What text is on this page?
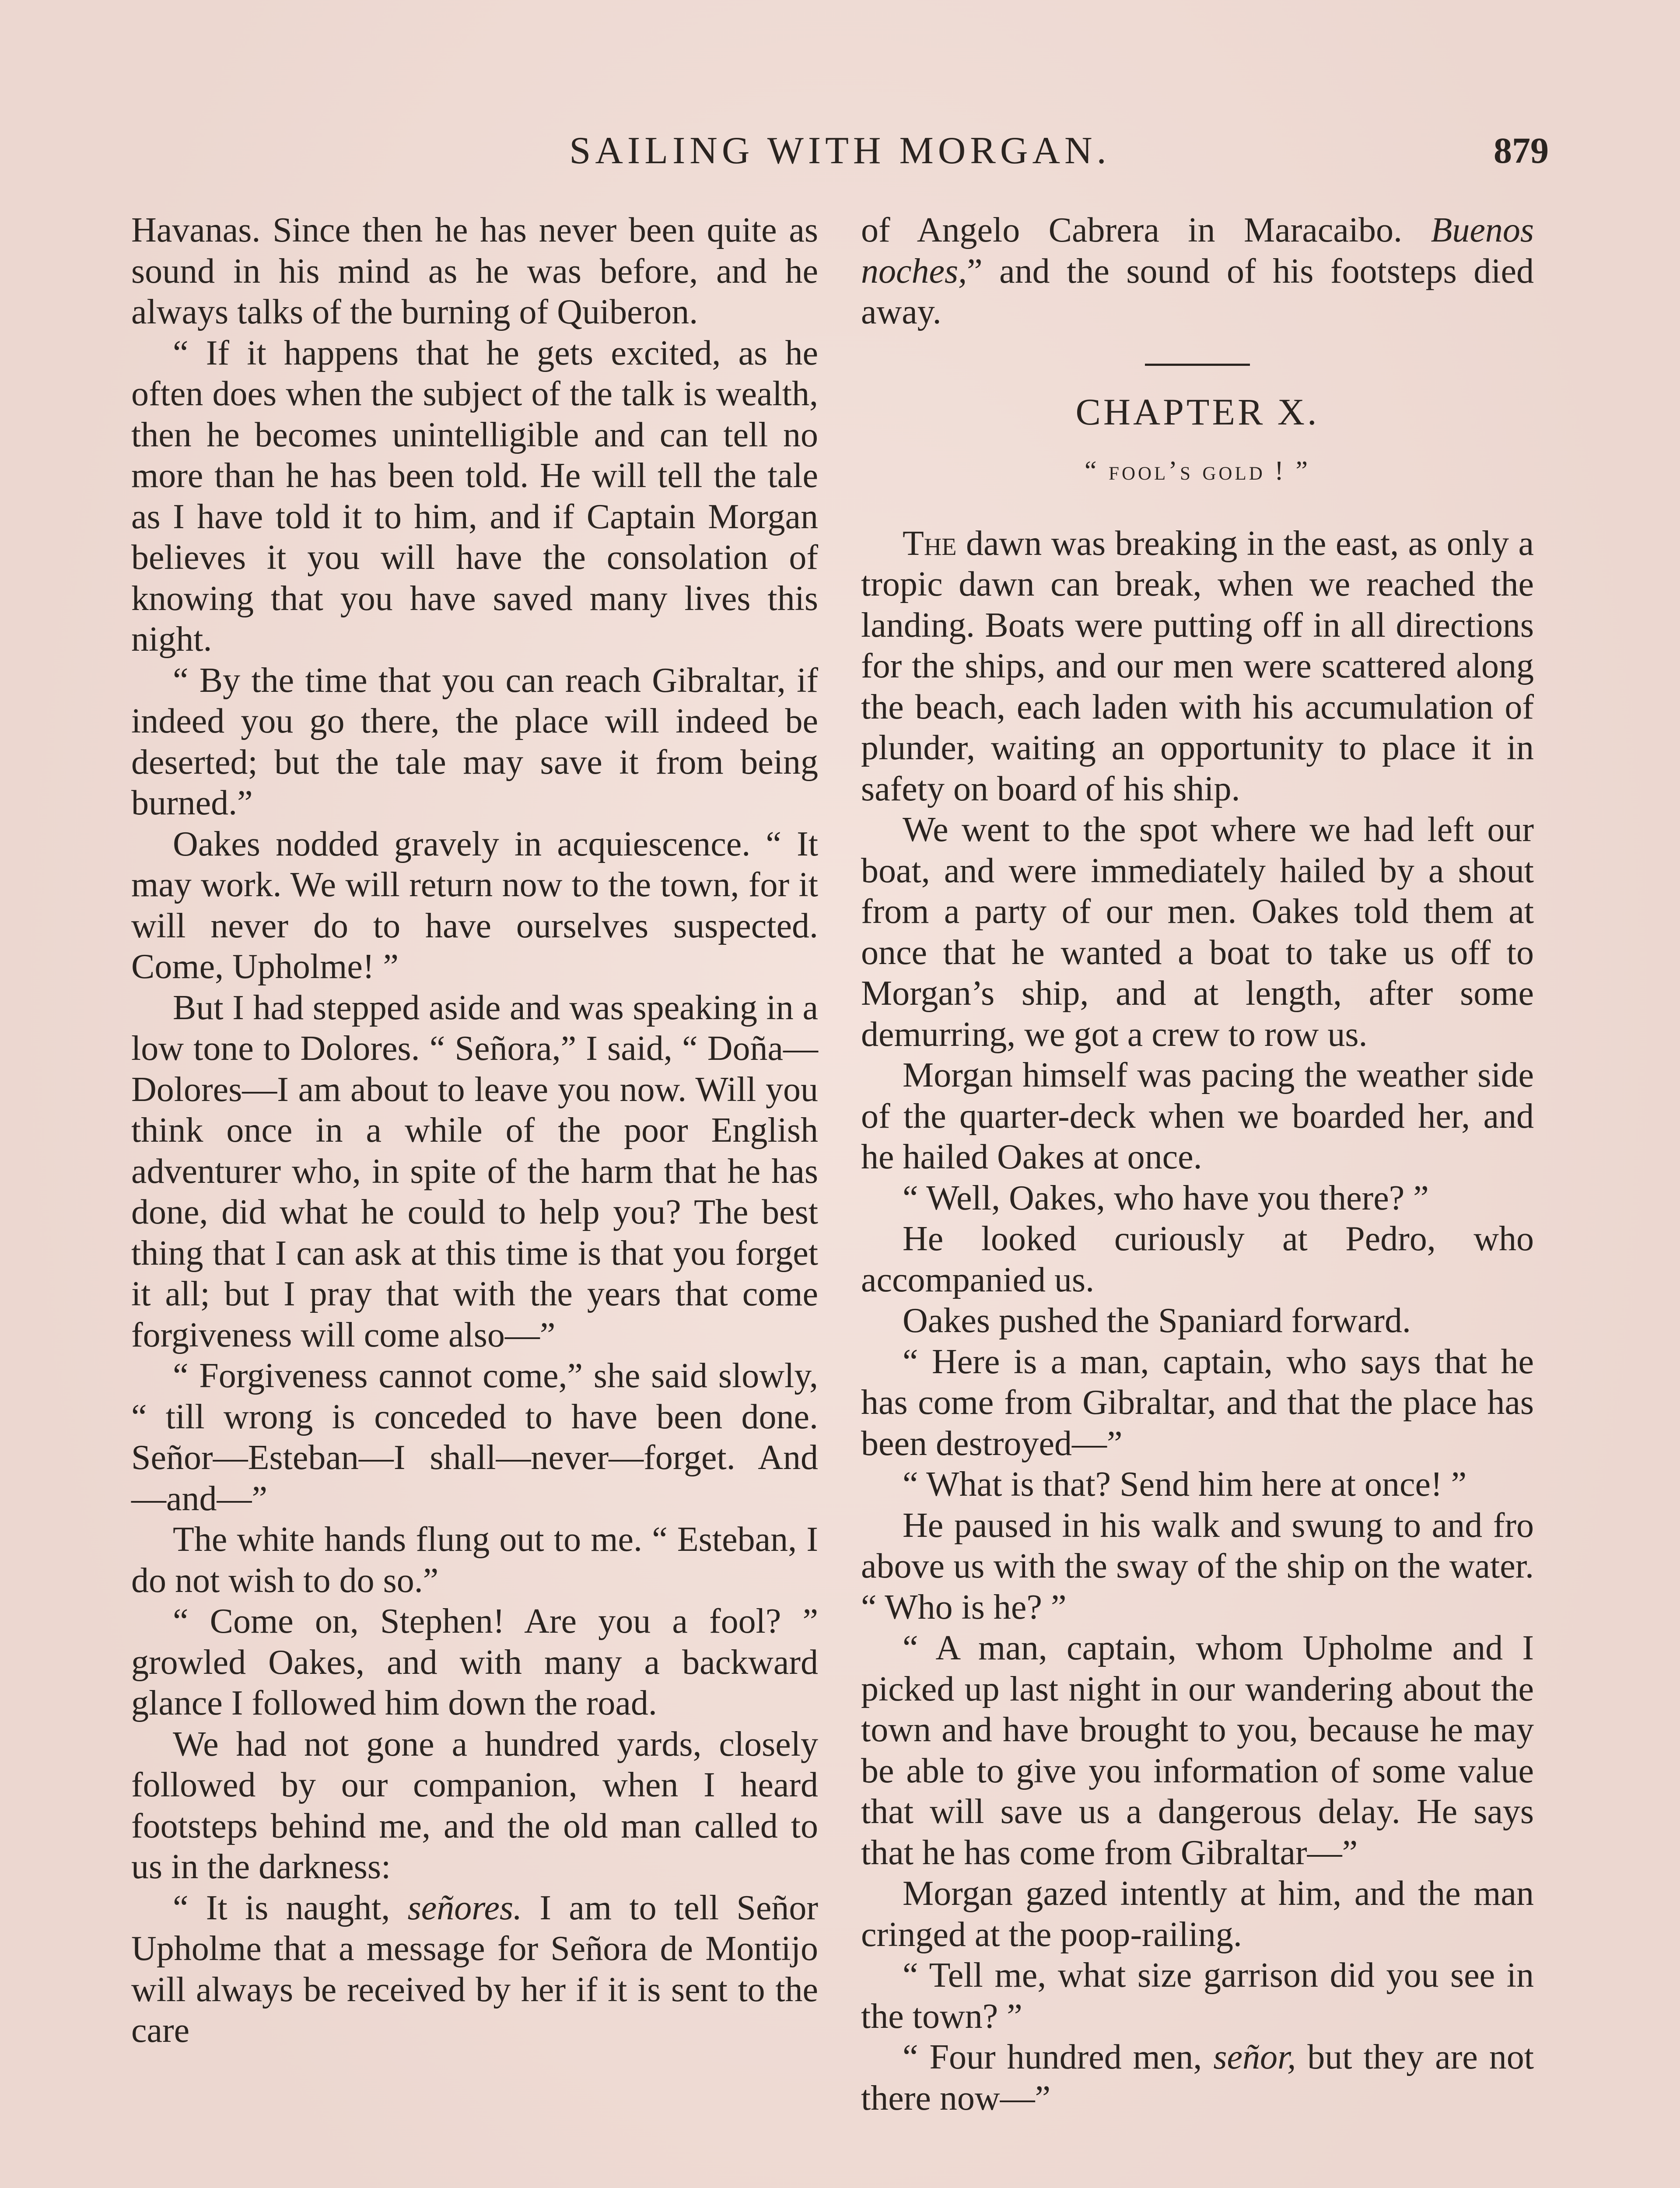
SAILING WITH MORGAN.	879

Havanas. Since then he has never been quite as sound in his mind as he was before, and he always talks of the burning of Quiberon.

“ If it happens that he gets excited, as he often does when the subject of the talk is wealth, then he becomes unintelligible and can tell no more than he has been told. He will tell the tale as I have told it to him, and if Captain Morgan believes it you will have the consolation of knowing that you have saved many lives this night.

“ By the time that you can reach Gibraltar, if indeed you go there, the place will indeed be deserted; but the tale may save it from being burned.”

Oakes nodded gravely in acquiescence. “ It may work. We will return now to the town, for it will never do to have ourselves suspected. Come, Upholme! ”

But I had stepped aside and was speaking in a low tone to Dolores. “ Señora,” I said, “ Doña—Dolores—I am about to leave you now. Will you think once in a while of the poor English adventurer who, in spite of the harm that he has done, did what he could to help you? The best thing that I can ask at this time is that you forget it all; but I pray that with the years that come forgiveness will come also—”

“ Forgiveness cannot come,” she said slowly, “ till wrong is conceded to have been done. Señor—Esteban—I shall—never—forget. And—and—”

The white hands flung out to me. “ Esteban, I do not wish to do so.”

“ Come on, Stephen! Are you a fool? ” growled Oakes, and with many a backward glance I followed him down the road.

We had not gone a hundred yards, closely followed by our companion, when I heard footsteps behind me, and the old man called to us in the darkness:

“ It is naught, señores. I am to tell Señor Upholme that a message for Señora de Montijo will always be received by her if it is sent to the care

of Angelo Cabrera in Maracaibo. Buenos noches,” and the sound of his footsteps died away.

CHAPTER X.
“ fool’s gold ! ”

The dawn was breaking in the east, as only a tropic dawn can break, when we reached the landing. Boats were putting off in all directions for the ships, and our men were scattered along the beach, each laden with his accumulation of plunder, waiting an opportunity to place it in safety on board of his ship.

We went to the spot where we had left our boat, and were immediately hailed by a shout from a party of our men. Oakes told them at once that he wanted a boat to take us off to Morgan’s ship, and at length, after some demurring, we got a crew to row us.

Morgan himself was pacing the weather side of the quarter-deck when we boarded her, and he hailed Oakes at once.

“ Well, Oakes, who have you there? ”

He looked curiously at Pedro, who accompanied us.

Oakes pushed the Spaniard forward.

“ Here is a man, captain, who says that he has come from Gibraltar, and that the place has been destroyed—”

“ What is that? Send him here at once! ”

He paused in his walk and swung to and fro above us with the sway of the ship on the water. “ Who is he? ”

“ A man, captain, whom Upholme and I picked up last night in our wandering about the town and have brought to you, because he may be able to give you information of some value that will save us a dangerous delay. He says that he has come from Gibraltar—”

Morgan gazed intently at him, and the man cringed at the poop-railing.

“ Tell me, what size garrison did you see in the town? ”

“ Four hundred men, señor, but they are not there now—”
